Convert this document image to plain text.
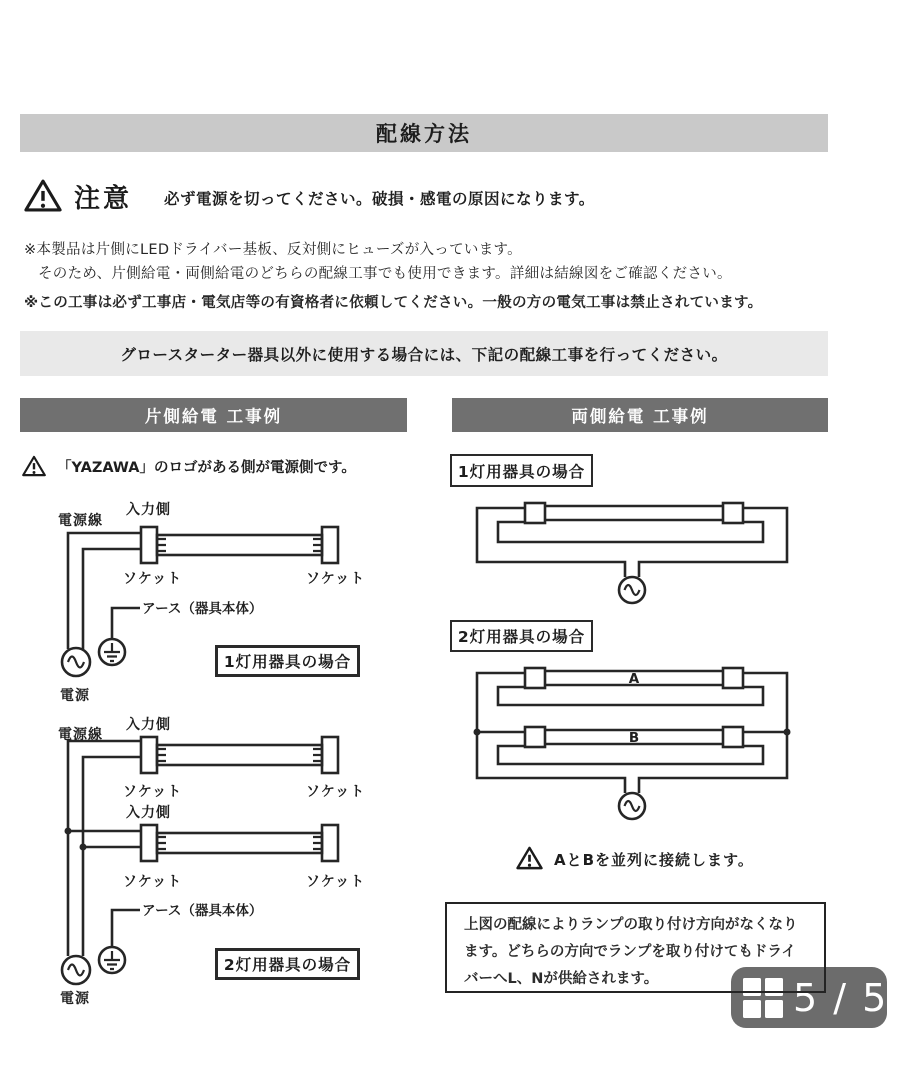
配線方法
注意 必ず電源を切ってください。破損・感電の原因になります。
※本製品は片側にLEDドライバー基板、反対側にヒューズが入っています。
そのため、片側給電・両側給電のどちらの配線工事でも使用できます。詳細は結線図をご確認ください。
※この工事は必ず工事店・電気店等の有資格者に依頼してください。一般の方の電気工事は禁止されています。
グロースターター器具以外に使用する場合には、下記の配線工事を行ってください。
片側給電 工事例	両側給電 工事例
「YAZAWA」のロゴがある側が電源側です。
電源線
入力側
ソケット	ソケット
アース（器具本体）
電源
1灯用器具の場合
電源線
入力側
ソケット	ソケット
入力側
ソケット	ソケット
アース（器具本体）
電源
2灯用器具の場合
1灯用器具の場合
2灯用器具の場合
A
B
AとBを並列に接続します。
上図の配線によりランプの取り付け方向がなくなり
ます。どちらの方向でランプを取り付けてもドライ
バーへL、Nが供給されます。	5 / 5
